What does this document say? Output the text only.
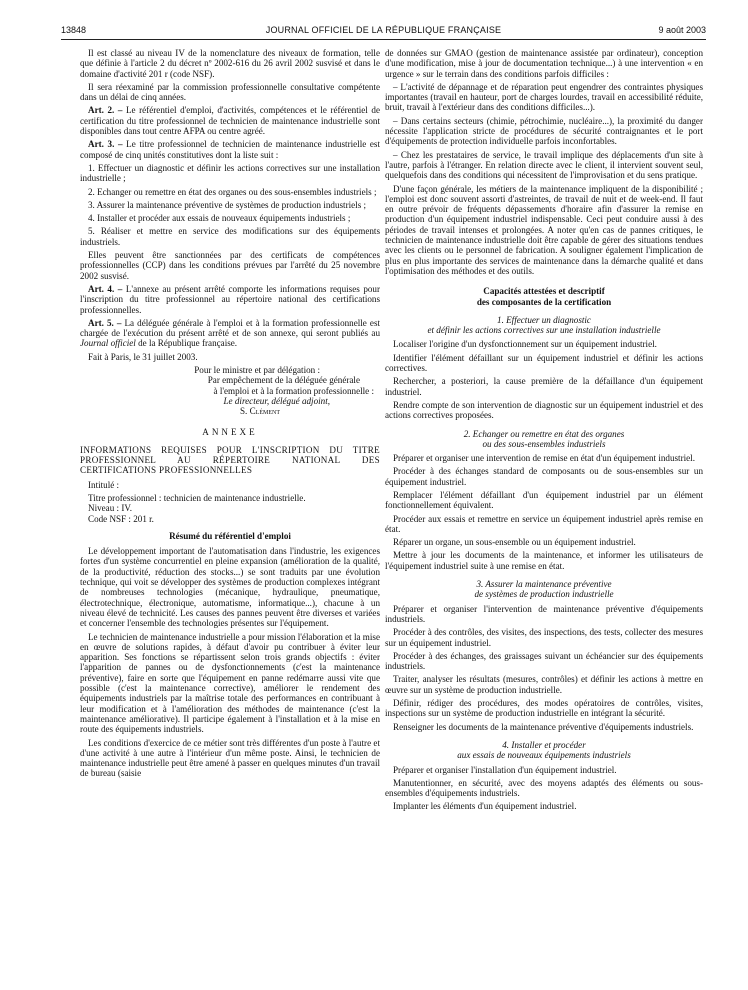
13848	JOURNAL OFFICIEL DE LA RÉPUBLIQUE FRANÇAISE	9 août 2003

Il est classé au niveau IV de la nomenclature des niveaux de formation, telle que définie à l'article 2 du décret nº 2002-616 du 26 avril 2002 susvisé et dans le domaine d'activité 201 r (code NSF).

Il sera réexaminé par la commission professionnelle consultative compétente dans un délai de cinq années.

Art. 2. – Le référentiel d'emploi, d'activités, compétences et le référentiel de certification du titre professionnel de technicien de maintenance industrielle sont disponibles dans tout centre AFPA ou centre agréé.

Art. 3. – Le titre professionnel de technicien de maintenance industrielle est composé de cinq unités constitutives dont la liste suit :

1. Effectuer un diagnostic et définir les actions correctives sur une installation industrielle ;

2. Echanger ou remettre en état des organes ou des sous-ensembles industriels ;

3. Assurer la maintenance préventive de systèmes de production industriels ;

4. Installer et procéder aux essais de nouveaux équipements industriels ;

5. Réaliser et mettre en service des modifications sur des équipements industriels.

Elles peuvent être sanctionnées par des certificats de compétences professionnelles (CCP) dans les conditions prévues par l'arrêté du 25 novembre 2002 susvisé.

Art. 4. – L'annexe au présent arrêté comporte les informations requises pour l'inscription du titre professionnel au répertoire national des certifications professionnelles.

Art. 5. – La déléguée générale à l'emploi et à la formation professionnelle est chargée de l'exécution du présent arrêté et de son annexe, qui seront publiés au Journal officiel de la République française.

Fait à Paris, le 31 juillet 2003.

Pour le ministre et par délégation :

Par empêchement de la déléguée générale

à l'emploi et à la formation professionnelle :

Le directeur, délégué adjoint,

S. Clément

ANNEXE

INFORMATIONS REQUISES POUR L'INSCRIPTION DU TITRE PROFESSIONNEL AU RÉPERTOIRE NATIONAL DES CERTIFICATIONS PROFESSIONNELLES

Intitulé :

Titre professionnel : technicien de maintenance industrielle.

Niveau : IV.

Code NSF : 201 r.

Résumé du référentiel d'emploi

Le développement important de l'automatisation dans l'industrie, les exigences fortes d'un système concurrentiel en pleine expansion (amélioration de la qualité, de la productivité, réduction des stocks...) se sont traduits par une évolution technique, qui voit se développer des systèmes de production complexes intégrant de nombreuses technologies (mécanique, hydraulique, pneumatique, électrotechnique, électronique, automatisme, informatique...), chacune à un niveau élevé de technicité. Les causes des pannes peuvent être diverses et variées et concerner l'ensemble des technologies présentes sur l'équipement.

Le technicien de maintenance industrielle a pour mission l'élaboration et la mise en œuvre de solutions rapides, à défaut d'avoir pu contribuer à éviter leur apparition. Ses fonctions se répartissent selon trois grands objectifs : éviter l'apparition de pannes ou de dysfonctionnements (c'est la maintenance préventive), faire en sorte que l'équipement en panne redémarre aussi vite que possible (c'est la maintenance corrective), améliorer le rendement des équipements industriels par la maîtrise totale des performances en contribuant à leur modification et à l'amélioration des méthodes de maintenance (c'est la maintenance améliorative). Il participe également à l'installation et à la mise en route des équipements industriels.

Les conditions d'exercice de ce métier sont très différentes d'un poste à l'autre et d'une activité à une autre à l'intérieur d'un même poste. Ainsi, le technicien de maintenance industrielle peut être amené à passer en quelques minutes d'un travail de bureau (saisie

de données sur GMAO (gestion de maintenance assistée par ordinateur), conception d'une modification, mise à jour de documentation technique...) à une intervention « en urgence » sur le terrain dans des conditions parfois difficiles :

– L'activité de dépannage et de réparation peut engendrer des contraintes physiques importantes (travail en hauteur, port de charges lourdes, travail en accessibilité réduite, bruit, travail à l'extérieur dans des conditions difficiles...).

– Dans certains secteurs (chimie, pétrochimie, nucléaire...), la proximité du danger nécessite l'application stricte de procédures de sécurité contraignantes et le port d'équipements de protection individuelle parfois inconfortables.

– Chez les prestataires de service, le travail implique des déplacements d'un site à l'autre, parfois à l'étranger. En relation directe avec le client, il intervient souvent seul, quelquefois dans des conditions qui nécessitent de l'improvisation et du sens pratique.

D'une façon générale, les métiers de la maintenance impliquent de la disponibilité ; l'emploi est donc souvent assorti d'astreintes, de travail de nuit et de week-end. Il faut en outre prévoir de fréquents dépassements d'horaire afin d'assurer la remise en production d'un équipement industriel indispensable. Ceci peut conduire aussi à des périodes de travail intenses et prolongées. A noter qu'en cas de pannes critiques, le technicien de maintenance industrielle doit être capable de gérer des situations tendues avec les clients ou le personnel de fabrication. A souligner également l'implication de plus en plus importante des services de maintenance dans la démarche qualité et dans l'optimisation des méthodes et des outils.

Capacités attestées et descriptif

des composantes de la certification

1. Effectuer un diagnostic

et définir les actions correctives sur une installation industrielle

Localiser l'origine d'un dysfonctionnement sur un équipement industriel.

Identifier l'élément défaillant sur un équipement industriel et définir les actions correctives.

Rechercher, a posteriori, la cause première de la défaillance d'un équipement industriel.

Rendre compte de son intervention de diagnostic sur un équipement industriel et des actions correctives proposées.

2. Echanger ou remettre en état des organes

ou des sous-ensembles industriels

Préparer et organiser une intervention de remise en état d'un équipement industriel.

Procéder à des échanges standard de composants ou de sous-ensembles sur un équipement industriel.

Remplacer l'élément défaillant d'un équipement industriel par un élément fonctionnellement équivalent.

Procéder aux essais et remettre en service un équipement industriel après remise en état.

Réparer un organe, un sous-ensemble ou un équipement industriel.

Mettre à jour les documents de la maintenance, et informer les utilisateurs de l'équipement industriel suite à une remise en état.

3. Assurer la maintenance préventive

de systèmes de production industrielle

Préparer et organiser l'intervention de maintenance préventive d'équipements industriels.

Procéder à des contrôles, des visites, des inspections, des tests, collecter des mesures sur un équipement industriel.

Procéder à des échanges, des graissages suivant un échéancier sur des équipements industriels.

Traiter, analyser les résultats (mesures, contrôles) et définir les actions à mettre en œuvre sur un système de production industrielle.

Définir, rédiger des procédures, des modes opératoires de contrôles, visites, inspections sur un système de production industrielle en intégrant la sécurité.

Renseigner les documents de la maintenance préventive d'équipements industriels.

4. Installer et procéder

aux essais de nouveaux équipements industriels

Préparer et organiser l'installation d'un équipement industriel.

Manutentionner, en sécurité, avec des moyens adaptés des éléments ou sous-ensembles d'équipements industriels.

Implanter les éléments d'un équipement industriel.
